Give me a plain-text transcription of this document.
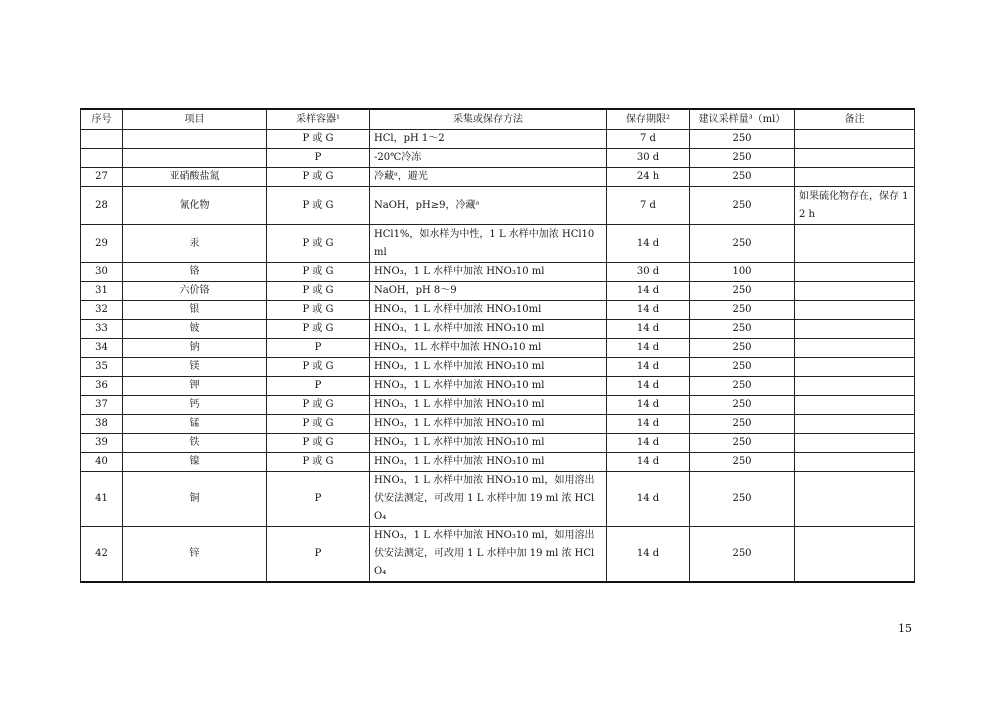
序号	项目	采样容器¹	采集或保存方法	保存期限²	建议采样量³（ml）	备注
		P 或 G	HCl，pH 1～2	7 d	250	
		P	-20℃冷冻	30 d	250	
27	亚硝酸盐氮	P 或 G	冷藏ᵃ，避光	24 h	250	
28	氰化物	P 或 G	NaOH，pH≥9，冷藏ᵃ	7 d	250	如果硫化物存在，保存 12 h
29	汞	P 或 G	HCl1%，如水样为中性，1 L 水样中加浓 HCl10 ml	14 d	250	
30	铬	P 或 G	HNO₃，1 L 水样中加浓 HNO₃10 ml	30 d	100	
31	六价铬	P 或 G	NaOH，pH 8～9	14 d	250	
32	银	P 或 G	HNO₃，1 L 水样中加浓 HNO₃10ml	14 d	250	
33	铍	P 或 G	HNO₃，1 L 水样中加浓 HNO₃10 ml	14 d	250	
34	钠	P	HNO₃，1L 水样中加浓 HNO₃10 ml	14 d	250	
35	镁	P 或 G	HNO₃，1 L 水样中加浓 HNO₃10 ml	14 d	250	
36	钾	P	HNO₃，1 L 水样中加浓 HNO₃10 ml	14 d	250	
37	钙	P 或 G	HNO₃，1 L 水样中加浓 HNO₃10 ml	14 d	250	
38	锰	P 或 G	HNO₃，1 L 水样中加浓 HNO₃10 ml	14 d	250	
39	铁	P 或 G	HNO₃，1 L 水样中加浓 HNO₃10 ml	14 d	250	
40	镍	P 或 G	HNO₃，1 L 水样中加浓 HNO₃10 ml	14 d	250	
41	铜	P	HNO₃，1 L 水样中加浓 HNO₃10 ml，如用溶出伏安法测定，可改用 1 L 水样中加 19 ml 浓 HClO₄	14 d	250	
42	锌	P	HNO₃，1 L 水样中加浓 HNO₃10 ml，如用溶出伏安法测定，可改用 1 L 水样中加 19 ml 浓 HClO₄	14 d	250	
15
